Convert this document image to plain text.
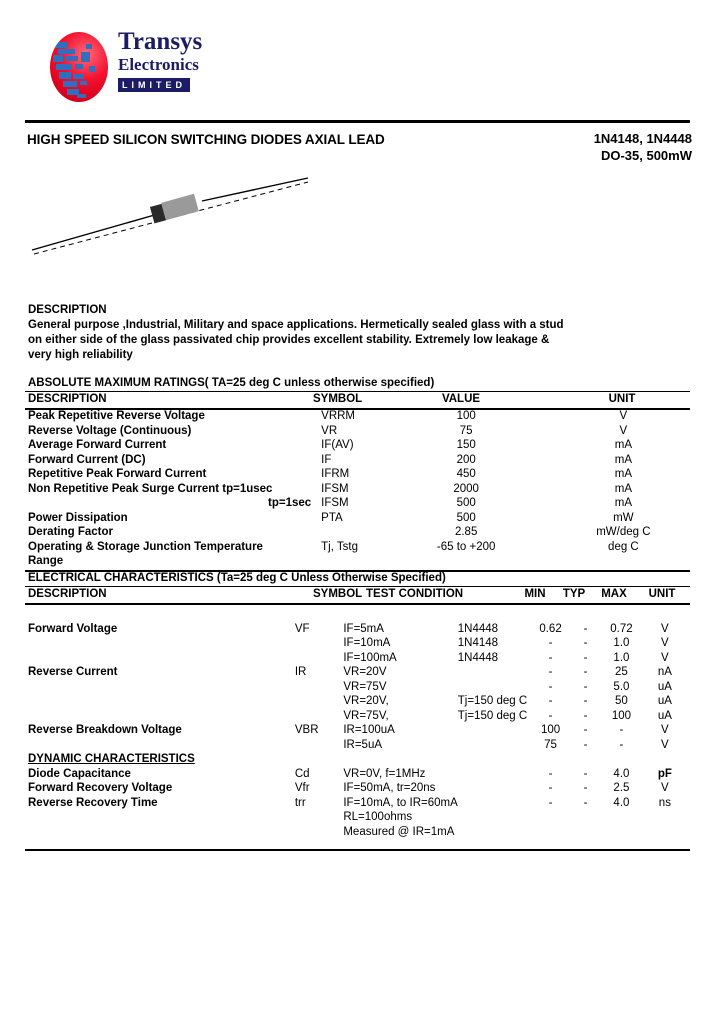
Transys
Electronics
LIMITED
HIGH SPEED SILICON SWITCHING DIODES AXIAL LEAD	1N4148, 1N4448
DO-35, 500mW
DESCRIPTION
General purpose ,Industrial, Military and space applications. Hermetically sealed glass with a stud
on either side of the glass passivated chip provides excellent stability. Extremely low leakage &
very high reliability
ABSOLUTE MAXIMUM RATINGS( TA=25 deg C unless otherwise specified)
DESCRIPTION	SYMBOL	VALUE	UNIT
Peak Repetitive Reverse Voltage	VRRM	100	V
Reverse Voltage (Continuous)	VR	75	V
Average Forward Current	IF(AV)	150	mA
Forward Current (DC)	IF	200	mA
Repetitive Peak Forward Current	IFRM	450	mA
Non Repetitive Peak Surge Current tp=1usec	IFSM	2000	mA
tp=1sec	IFSM	500	mA
Power Dissipation	PTA	500	mW
Derating Factor		2.85	mW/deg C
Operating & Storage Junction Temperature	Tj, Tstg	-65 to +200	deg C
Range			
ELECTRICAL CHARACTERISTICS (Ta=25 deg C Unless Otherwise Specified)
DESCRIPTION	SYMBOL	TEST CONDITION	MIN	TYP	MAX	UNIT

Forward Voltage	VF	IF=5mA	1N4448	0.62	-	0.72	V
		IF=10mA	1N4148	-	-	1.0	V
		IF=100mA	1N4448	-	-	1.0	V
Reverse Current	IR	VR=20V		-	-	25	nA
		VR=75V		-	-	5.0	uA
		VR=20V,	Tj=150 deg C	-	-	50	uA
		VR=75V,	Tj=150 deg C	-	-	100	uA
Reverse Breakdown Voltage	VBR	IR=100uA		100	-	-	V
		IR=5uA		75	-	-	V
DYNAMIC CHARACTERISTICS							
Diode Capacitance	Cd	VR=0V, f=1MHz		-	-	4.0	pF
Forward Recovery Voltage	Vfr	IF=50mA, tr=20ns		-	-	2.5	V
Reverse Recovery Time	trr	IF=10mA, to IR=60mA		-	-	4.0	ns
		RL=100ohms					
		Measured @ IR=1mA					
